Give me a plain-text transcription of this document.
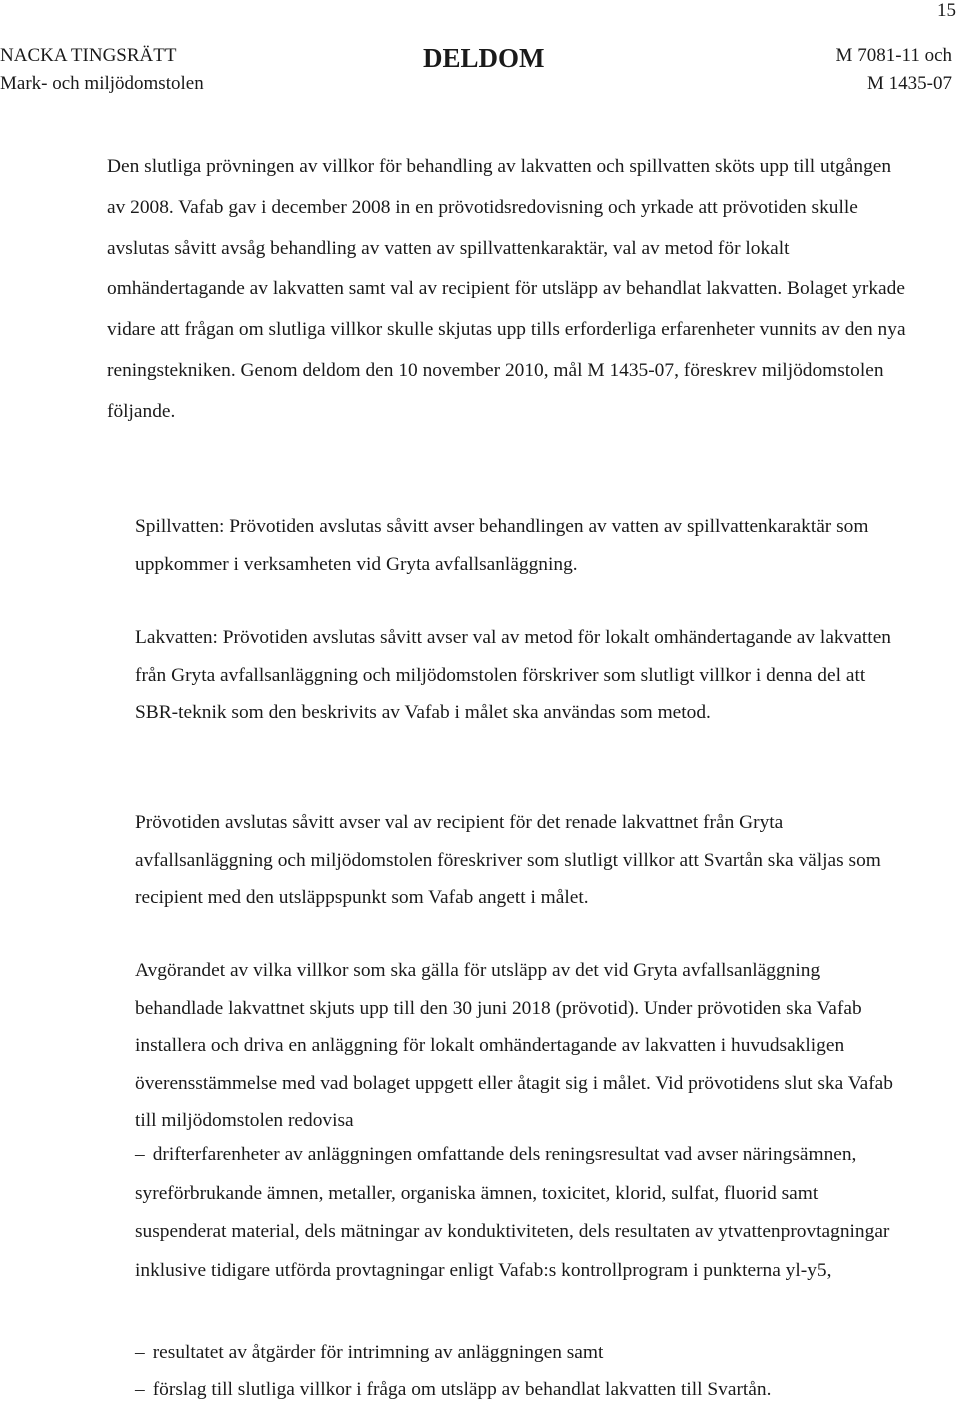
15
NACKA TINGSRÄTT
Mark- och miljödomstolen
DELDOM	M 7081-11 och
M 1435-07

Den slutliga prövningen av villkor för behandling av lakvatten och spillvatten sköts upp till utgången av 2008. Vafab gav i december 2008 in en prövotidsredovisning och yrkade att prövotiden skulle avslutas såvitt avsåg behandling av vatten av spillvattenkaraktär, val av metod för lokalt omhändertagande av lakvatten samt val av recipient för utsläpp av behandlat lakvatten. Bolaget yrkade vidare att frågan om slutliga villkor skulle skjutas upp tills erforderliga erfarenheter vunnits av den nya reningstekniken. Genom deldom den 10 november 2010, mål M 1435-07, föreskrev miljödomstolen följande.

Spillvatten: Prövotiden avslutas såvitt avser behandlingen av vatten av spillvattenkaraktär som uppkommer i verksamheten vid Gryta avfallsanläggning.

Lakvatten: Prövotiden avslutas såvitt avser val av metod för lokalt omhändertagande av lakvatten från Gryta avfallsanläggning och miljödomstolen förskriver som slutligt villkor i denna del att SBR-teknik som den beskrivits av Vafab i målet ska användas som metod.

Prövotiden avslutas såvitt avser val av recipient för det renade lakvattnet från Gryta avfallsanläggning och miljödomstolen föreskriver som slutligt villkor att Svartån ska väljas som recipient med den utsläppspunkt som Vafab angett i målet.

Avgörandet av vilka villkor som ska gälla för utsläpp av det vid Gryta avfallsanläggning behandlade lakvattnet skjuts upp till den 30 juni 2018 (prövotid). Under prövotiden ska Vafab installera och driva en anläggning för lokalt omhändertagande av lakvatten i huvudsakligen överensstämmelse med vad bolaget uppgett eller åtagit sig i målet. Vid prövotidens slut ska Vafab till miljödomstolen redovisa

– drifterfarenheter av anläggningen omfattande dels reningsresultat vad avser näringsämnen, syreförbrukande ämnen, metaller, organiska ämnen, toxicitet, klorid, sulfat, fluorid samt suspenderat material, dels mätningar av konduktiviteten, dels resultaten av ytvattenprovtagningar inklusive tidigare utförda provtagningar enligt Vafab:s kontrollprogram i punkterna yl-y5,
– resultatet av åtgärder för intrimning av anläggningen samt
– förslag till slutliga villkor i fråga om utsläpp av behandlat lakvatten till Svartån.
